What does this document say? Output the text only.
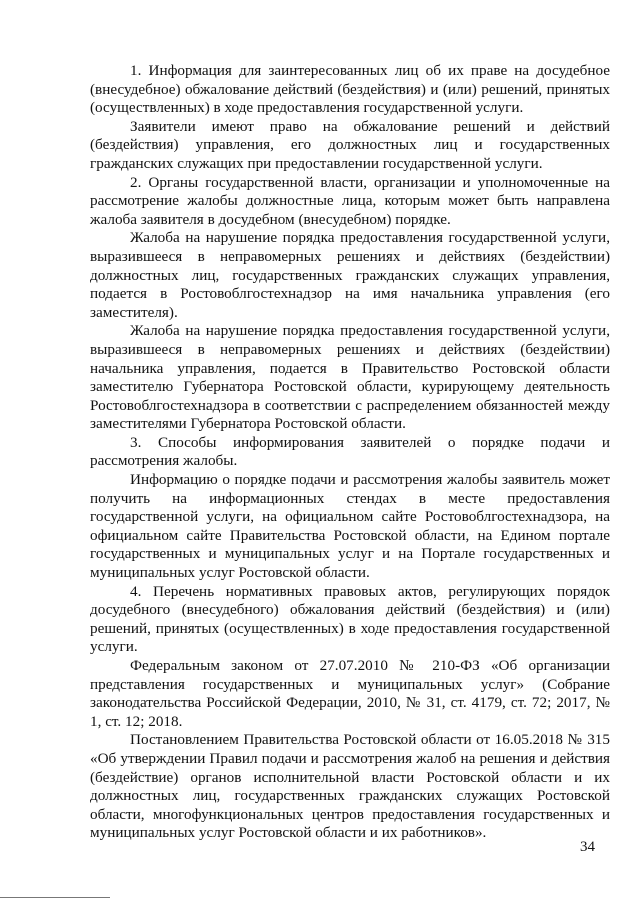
1. Информация для заинтересованных лиц об их праве на досудебное (внесудебное) обжалование действий (бездействия) и (или) решений, принятых (осуществленных) в ходе предоставления государственной услуги.

Заявители имеют право на обжалование решений и действий (бездействия) управления, его должностных лиц и государственных гражданских служащих при предоставлении государственной услуги.

2. Органы государственной власти, организации и уполномоченные на рассмотрение жалобы должностные лица, которым может быть направлена жалоба заявителя в досудебном (внесудебном) порядке.

Жалоба на нарушение порядка предоставления государственной услуги, выразившееся в неправомерных решениях и действиях (бездействии) должностных лиц, государственных гражданских служащих управления, подается в Ростовоблгостехнадзор на имя начальника управления (его заместителя).

Жалоба на нарушение порядка предоставления государственной услуги, выразившееся в неправомерных решениях и действиях (бездействии) начальника управления, подается в Правительство Ростовской области заместителю Губернатора Ростовской области, курирующему деятельность Ростовоблгостехнадзора в соответствии с распределением обязанностей между заместителями Губернатора Ростовской области.

3. Способы информирования заявителей о порядке подачи и рассмотрения жалобы.

Информацию о порядке подачи и рассмотрения жалобы заявитель может получить на информационных стендах в месте предоставления государственной услуги, на официальном сайте Ростовоблгостехнадзора, на официальном сайте Правительства Ростовской области, на Едином портале государственных и муниципальных услуг и на Портале государственных и муниципальных услуг Ростовской области.

4. Перечень нормативных правовых актов, регулирующих порядок досудебного (внесудебного) обжалования действий (бездействия) и (или) решений, принятых (осуществленных) в ходе предоставления государственной услуги.

Федеральным законом от 27.07.2010 № 210-ФЗ «Об организации представления государственных и муниципальных услуг» (Собрание законодательства Российской Федерации, 2010, № 31, ст. 4179, ст. 72; 2017, № 1, ст. 12; 2018.

Постановлением Правительства Ростовской области от 16.05.2018 № 315 «Об утверждении Правил подачи и рассмотрения жалоб на решения и действия (бездействие) органов исполнительной власти Ростовской области и их должностных лиц, государственных гражданских служащих Ростовской области, многофункциональных центров предоставления государственных и муниципальных услуг Ростовской области и их работников».

34
